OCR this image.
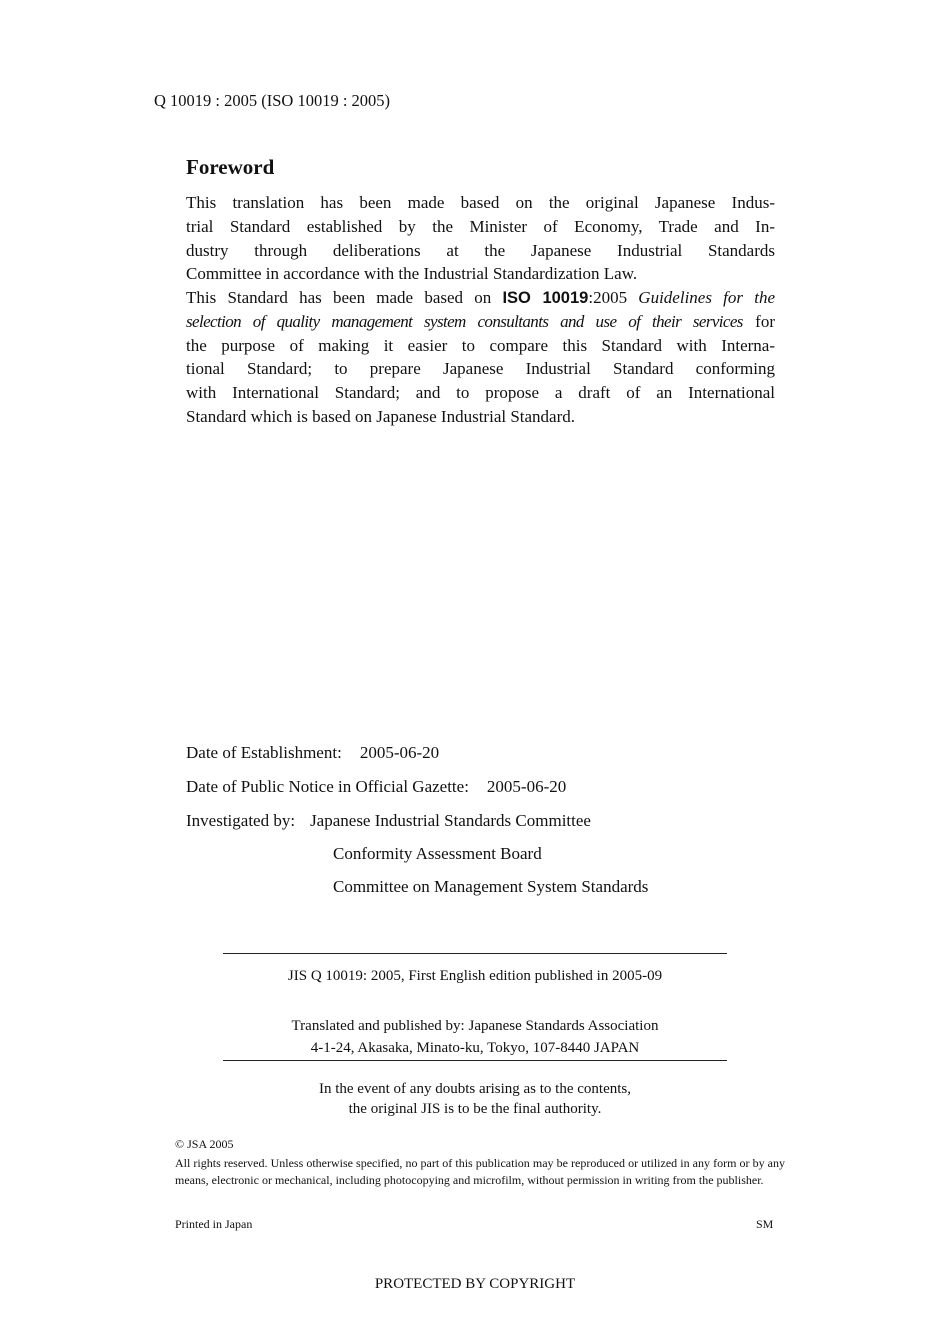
Q 10019 : 2005 (ISO 10019 : 2005)
Foreword
This translation has been made based on the original Japanese Indus-
trial Standard established by the Minister of Economy, Trade and In-
dustry through deliberations at the Japanese Industrial Standards
Committee in accordance with the Industrial Standardization Law.
This Standard has been made based on ISO 10019:2005 Guidelines for the
selection of quality management system consultants and use of their services for
the purpose of making it easier to compare this Standard with Interna-
tional Standard; to prepare Japanese Industrial Standard conforming
with International Standard; and to propose a draft of an International
Standard which is based on Japanese Industrial Standard.
Date of Establishment: 2005-06-20
Date of Public Notice in Official Gazette: 2005-06-20
Investigated by: Japanese Industrial Standards Committee
Conformity Assessment Board
Committee on Management System Standards
JIS Q 10019: 2005, First English edition published in 2005-09
Translated and published by: Japanese Standards Association
4-1-24, Akasaka, Minato-ku, Tokyo, 107-8440 JAPAN
In the event of any doubts arising as to the contents,
the original JIS is to be the final authority.
© JSA 2005
All rights reserved. Unless otherwise specified, no part of this publication may be reproduced or utilized in any form or by any means, electronic or mechanical, including photocopying and microfilm, without permission in writing from the publisher.
Printed in Japan	SM
PROTECTED BY COPYRIGHT
